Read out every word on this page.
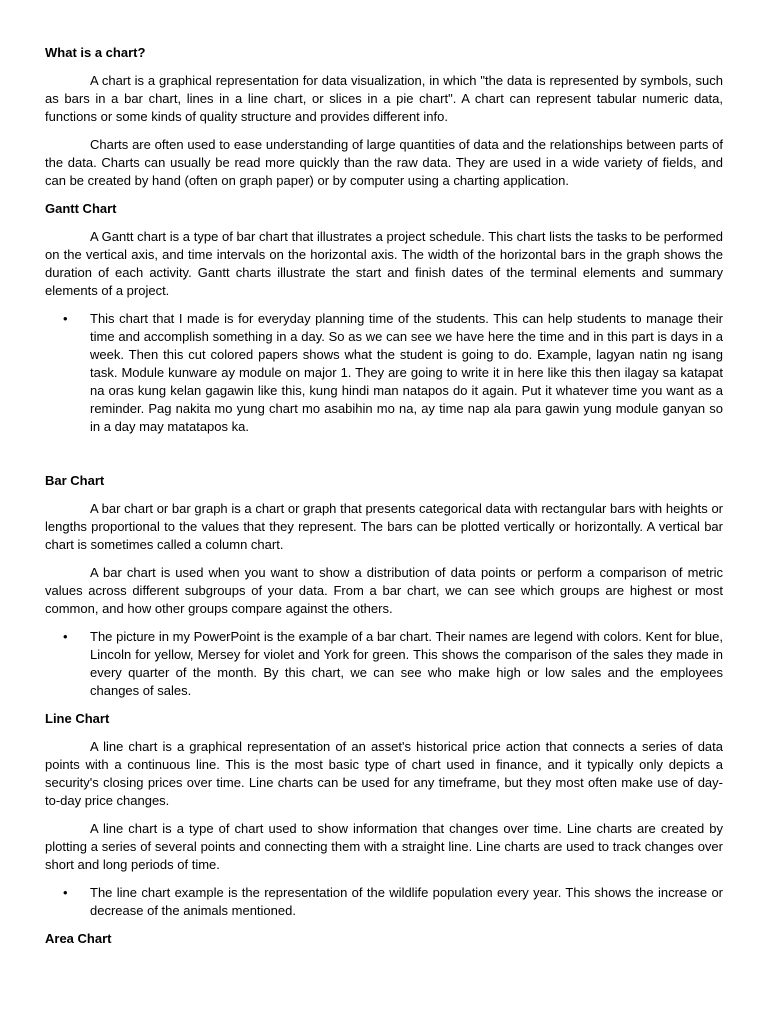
What is a chart?

A chart is a graphical representation for data visualization, in which "the data is represented by symbols, such as bars in a bar chart, lines in a line chart, or slices in a pie chart". A chart can represent tabular numeric data, functions or some kinds of quality structure and provides different info.

Charts are often used to ease understanding of large quantities of data and the relationships between parts of the data. Charts can usually be read more quickly than the raw data. They are used in a wide variety of fields, and can be created by hand (often on graph paper) or by computer using a charting application.

Gantt Chart

A Gantt chart is a type of bar chart that illustrates a project schedule. This chart lists the tasks to be performed on the vertical axis, and time intervals on the horizontal axis. The width of the horizontal bars in the graph shows the duration of each activity. Gantt charts illustrate the start and finish dates of the terminal elements and summary elements of a project.

• This chart that I made is for everyday planning time of the students. This can help students to manage their time and accomplish something in a day. So as we can see we have here the time and in this part is days in a week. Then this cut colored papers shows what the student is going to do. Example, lagyan natin ng isang task. Module kunware ay module on major 1. They are going to write it in here like this then ilagay sa katapat na oras kung kelan gagawin like this, kung hindi man natapos do it again. Put it whatever time you want as a reminder. Pag nakita mo yung chart mo asabihin mo na, ay time nap ala para gawin yung module ganyan so in a day may matatapos ka.
Bar Chart

A bar chart or bar graph is a chart or graph that presents categorical data with rectangular bars with heights or lengths proportional to the values that they represent. The bars can be plotted vertically or horizontally. A vertical bar chart is sometimes called a column chart.

A bar chart is used when you want to show a distribution of data points or perform a comparison of metric values across different subgroups of your data. From a bar chart, we can see which groups are highest or most common, and how other groups compare against the others.

• The picture in my PowerPoint is the example of a bar chart. Their names are legend with colors. Kent for blue, Lincoln for yellow, Mersey for violet and York for green. This shows the comparison of the sales they made in every quarter of the month. By this chart, we can see who make high or low sales and the employees changes of sales.
Line Chart

A line chart is a graphical representation of an asset's historical price action that connects a series of data points with a continuous line. This is the most basic type of chart used in finance, and it typically only depicts a security's closing prices over time. Line charts can be used for any timeframe, but they most often make use of day-to-day price changes.

A line chart is a type of chart used to show information that changes over time. Line charts are created by plotting a series of several points and connecting them with a straight line. Line charts are used to track changes over short and long periods of time.

• The line chart example is the representation of the wildlife population every year. This shows the increase or decrease of the animals mentioned.
Area Chart
